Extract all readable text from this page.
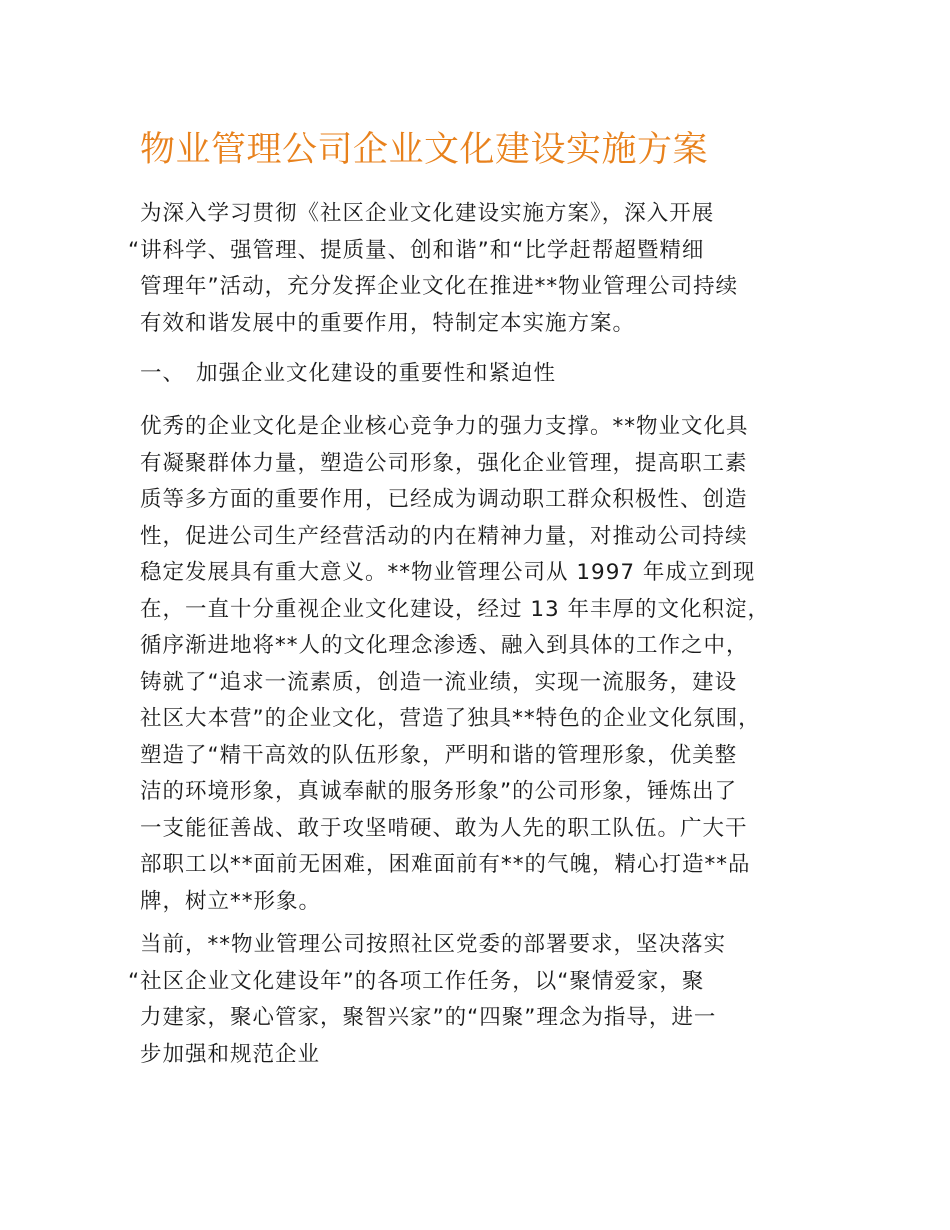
物业管理公司企业文化建设实施方案
为深入学习贯彻《社区企业文化建设实施方案》，深入开展
“讲科学、强管理、提质量、创和谐”和“比学赶帮超暨精细
管理年”活动，充分发挥企业文化在推进**物业管理公司持续
有效和谐发展中的重要作用，特制定本实施方案。
一、 加强企业文化建设的重要性和紧迫性
优秀的企业文化是企业核心竞争力的强力支撑。**物业文化具
有凝聚群体力量，塑造公司形象，强化企业管理，提高职工素
质等多方面的重要作用，已经成为调动职工群众积极性、创造
性，促进公司生产经营活动的内在精神力量，对推动公司持续
稳定发展具有重大意义。**物业管理公司从 1997 年成立到现
在，一直十分重视企业文化建设，经过 13 年丰厚的文化积淀，
循序渐进地将**人的文化理念渗透、融入到具体的工作之中，
铸就了“追求一流素质，创造一流业绩，实现一流服务，建设
社区大本营”的企业文化，营造了独具**特色的企业文化氛围，
塑造了“精干高效的队伍形象，严明和谐的管理形象，优美整
洁的环境形象，真诚奉献的服务形象”的公司形象，锤炼出了
一支能征善战、敢于攻坚啃硬、敢为人先的职工队伍。广大干
部职工以**面前无困难，困难面前有**的气魄，精心打造**品
牌，树立**形象。
当前，**物业管理公司按照社区党委的部署要求，坚决落实
“社区企业文化建设年”的各项工作任务，以“聚情爱家，聚
力建家，聚心管家，聚智兴家”的“四聚”理念为指导，进一
步加强和规范企业
